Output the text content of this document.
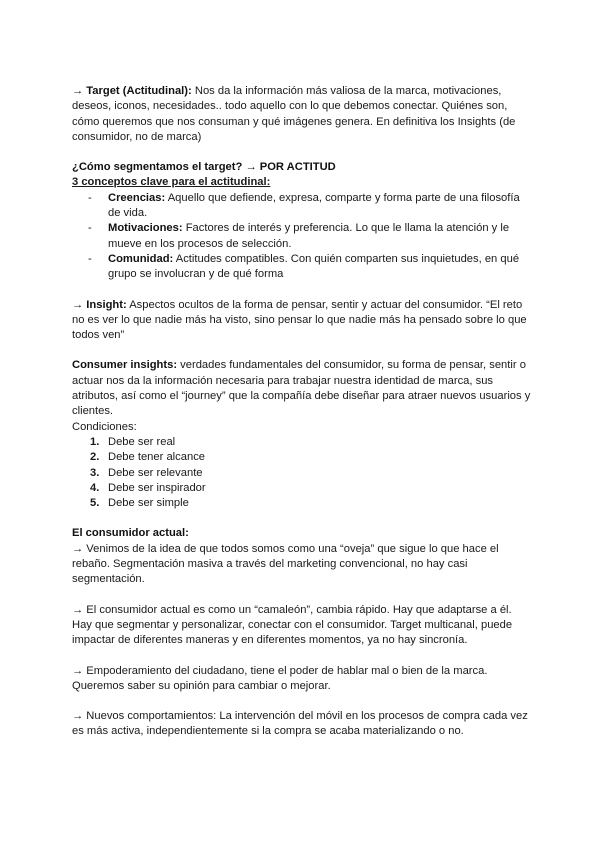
→ Target (Actitudinal): Nos da la información más valiosa de la marca, motivaciones, deseos, iconos, necesidades.. todo aquello con lo que debemos conectar. Quiénes son, cómo queremos que nos consuman y qué imágenes genera. En definitiva los Insights (de consumidor, no de marca)

¿Cómo segmentamos el target? → POR ACTITUD

3 conceptos clave para el actitudinal:

- Creencias: Aquello que defiende, expresa, comparte y forma parte de una filosofía de vida.
- Motivaciones: Factores de interés y preferencia. Lo que le llama la atención y le mueve en los procesos de selección.
- Comunidad: Actitudes compatibles. Con quién comparten sus inquietudes, en qué grupo se involucran y de qué forma

→ Insight: Aspectos ocultos de la forma de pensar, sentir y actuar del consumidor. “El reto no es ver lo que nadie más ha visto, sino pensar lo que nadie más ha pensado sobre lo que todos ven”

Consumer insights: verdades fundamentales del consumidor, su forma de pensar, sentir o actuar nos da la información necesaria para trabajar nuestra identidad de marca, sus atributos, así como el “journey” que la compañía debe diseñar para atraer nuevos usuarios y clientes.

Condiciones:

1. Debe ser real
2. Debe tener alcance
3. Debe ser relevante
4. Debe ser inspirador
5. Debe ser simple

El consumidor actual:

→ Venimos de la idea de que todos somos como una “oveja” que sigue lo que hace el rebaño. Segmentación masiva a través del marketing convencional, no hay casi segmentación.

→ El consumidor actual es como un “camaleón”, cambia rápido. Hay que adaptarse a él. Hay que segmentar y personalizar, conectar con el consumidor. Target multicanal, puede impactar de diferentes maneras y en diferentes momentos, ya no hay sincronía.

→ Empoderamiento del ciudadano, tiene el poder de hablar mal o bien de la marca. Queremos saber su opinión para cambiar o mejorar.

→ Nuevos comportamientos: La intervención del móvil en los procesos de compra cada vez es más activa, independientemente si la compra se acaba materializando o no.
